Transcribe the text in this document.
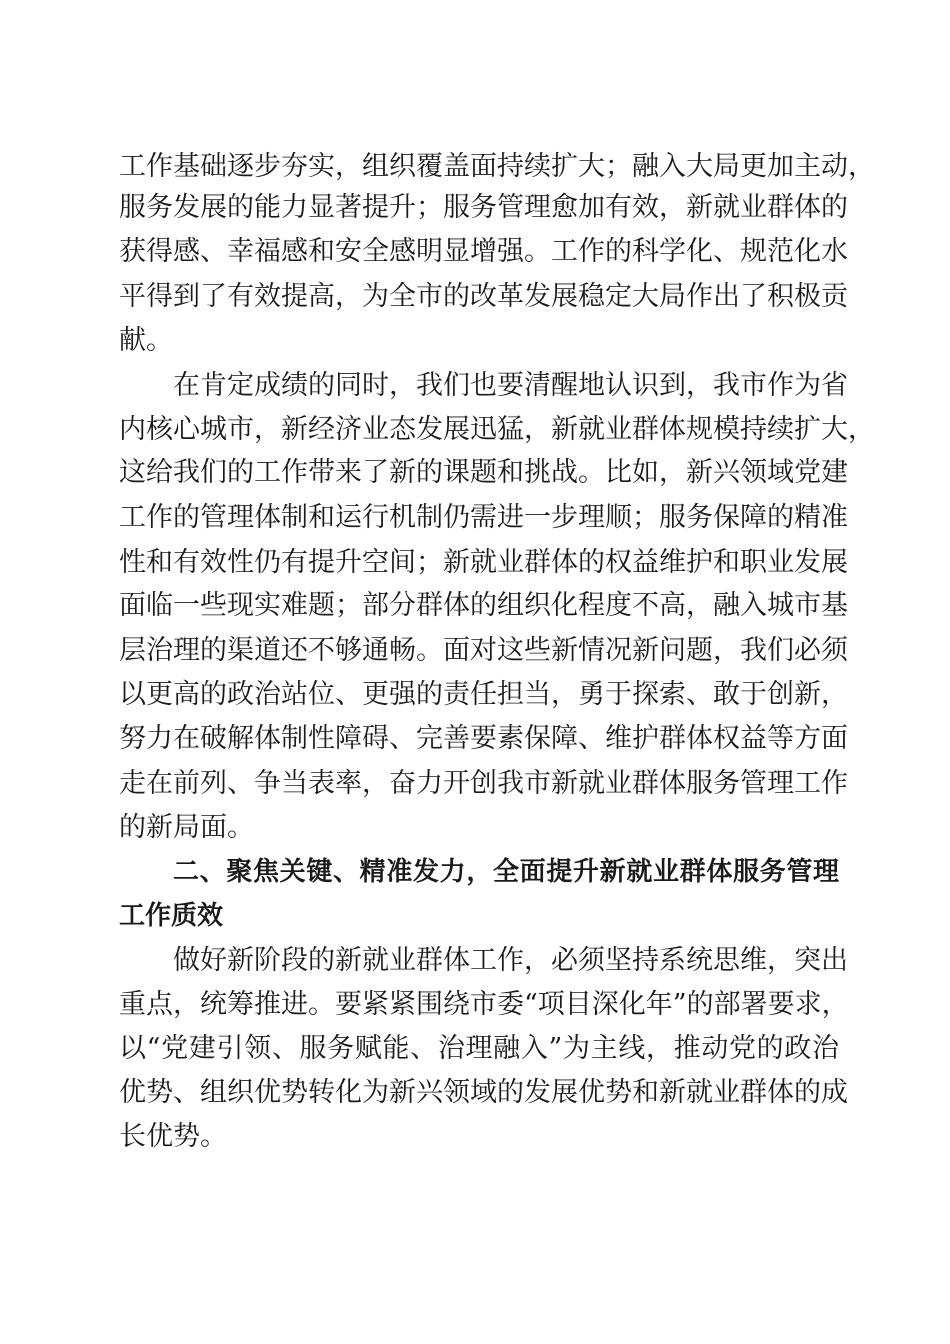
工作基础逐步夯实，组织覆盖面持续扩大；融入大局更加主动，
服务发展的能力显著提升；服务管理愈加有效，新就业群体的
获得感、幸福感和安全感明显增强。工作的科学化、规范化水
平得到了有效提高，为全市的改革发展稳定大局作出了积极贡
献。
在肯定成绩的同时，我们也要清醒地认识到，我市作为省
内核心城市，新经济业态发展迅猛，新就业群体规模持续扩大，
这给我们的工作带来了新的课题和挑战。比如，新兴领域党建
工作的管理体制和运行机制仍需进一步理顺；服务保障的精准
性和有效性仍有提升空间；新就业群体的权益维护和职业发展
面临一些现实难题；部分群体的组织化程度不高，融入城市基
层治理的渠道还不够通畅。面对这些新情况新问题，我们必须
以更高的政治站位、更强的责任担当，勇于探索、敢于创新，
努力在破解体制性障碍、完善要素保障、维护群体权益等方面
走在前列、争当表率，奋力开创我市新就业群体服务管理工作
的新局面。
二、聚焦关键、精准发力，全面提升新就业群体服务管理
工作质效
做好新阶段的新就业群体工作，必须坚持系统思维，突出
重点，统筹推进。要紧紧围绕市委“项目深化年”的部署要求，
以“党建引领、服务赋能、治理融入”为主线，推动党的政治
优势、组织优势转化为新兴领域的发展优势和新就业群体的成
长优势。
